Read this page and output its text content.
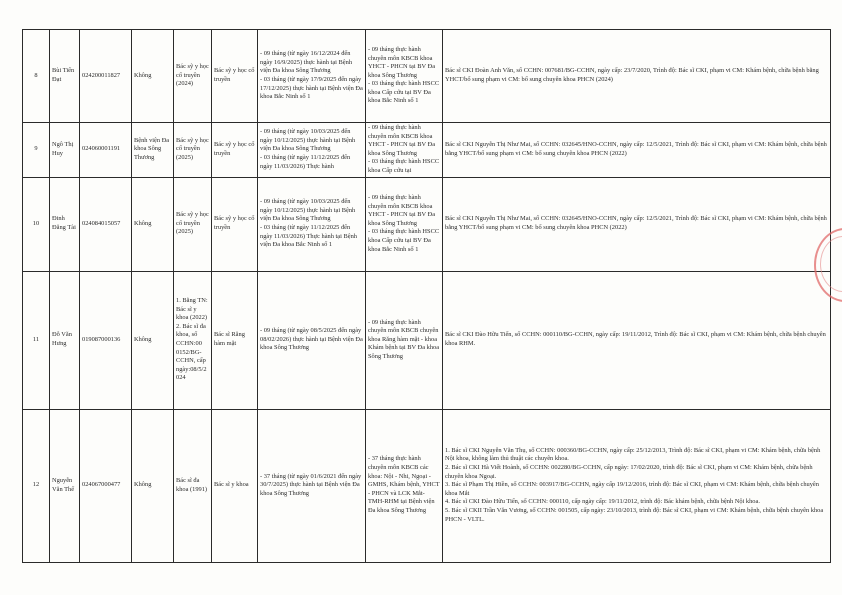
8	Bùi Tiến Đạt	024200011827	Không	Bác sỹ y học cổ truyền (2024)	Bác sỹ y học cổ truyền	- 09 tháng (từ ngày 16/12/2024 đến ngày 16/9/2025) thực hành tại Bệnh viện Đa khoa Sông Thương
- 03 tháng (từ ngày 17/9/2025 đến ngày 17/12/2025) thực hành tại Bệnh viện Đa khoa Bắc Ninh số 1	- 09 tháng thực hành chuyên môn KBCB khoa YHCT - PHCN tại BV Đa khoa Sông Thương
- 03 tháng thực hành HSCC khoa Cấp cứu tại BV Đa khoa Bắc Ninh số 1	Bác sĩ CKI Đoàn Anh Văn, số CCHN: 007681/BG-CCHN, ngày cấp: 23/7/2020, Trình độ: Bác sĩ CKI, phạm vi CM: Khám bệnh, chữa bệnh bằng YHCT/bổ sung phạm vi CM: bổ sung chuyên khoa PHCN (2024)

9	Ngô Thị Huy	024060001191	Bệnh viện Đa khoa Sông Thương	Bác sỹ y học cổ truyền (2025)	Bác sỹ y học cổ truyền	- 09 tháng (từ ngày 10/03/2025 đến ngày 10/12/2025) thực hành tại Bệnh viện Đa khoa Sông Thương
- 03 tháng (từ ngày 11/12/2025 đến ngày 11/03/2026) Thực hành	- 09 tháng thực hành chuyên môn KBCB khoa YHCT - PHCN tại BV Đa khoa Sông Thương
- 03 tháng thực hành HSCC khoa Cấp cứu tại	Bác sĩ CKI Nguyễn Thị Như Mai, số CCHN: 032645/HNO-CCHN, ngày cấp: 12/5/2021, Trình độ: Bác sĩ CKI, phạm vi CM: Khám bệnh, chữa bệnh bằng YHCT/bổ sung phạm vi CM: bổ sung chuyên khoa PHCN (2022)

10	Đinh Đăng Tài	024084015057	Không	Bác sỹ y học cổ truyền (2025)	Bác sỹ y học cổ truyền	- 09 tháng (từ ngày 10/03/2025 đến ngày 10/12/2025) thực hành tại Bệnh viện Đa khoa Sông Thương
- 03 tháng (từ ngày 11/12/2025 đến ngày 11/03/2026) Thực hành tại Bệnh viện Đa khoa Bắc Ninh số 1	- 09 tháng thực hành chuyên môn KBCB khoa YHCT - PHCN tại BV Đa khoa Sông Thương
- 03 tháng thực hành HSCC khoa Cấp cứu tại BV Đa khoa Bắc Ninh số 1	Bác sĩ CKI Nguyễn Thị Như Mai, số CCHN: 032645/HNO-CCHN, ngày cấp: 12/5/2021, Trình độ: Bác sĩ CKI, phạm vi CM: Khám bệnh, chữa bệnh bằng YHCT/bổ sung phạm vi CM: bổ sung chuyên khoa PHCN (2022)

11	Đỗ Văn Hưng	019087000136	Không	1. Bằng TN: Bác sĩ y khoa (2022)
2. Bác sĩ đa khoa, số CCHN:00 0152/BG-CCHN, cấp ngày:08/5/2024	Bác sĩ Răng hàm mặt	- 09 tháng (từ ngày 08/5/2025 đến ngày 08/02/2026) thực hành tại Bệnh viện Đa khoa Sông Thương	- 09 tháng thực hành chuyên môn KBCB chuyên khoa Răng hàm mặt - khoa Khám bệnh tại BV Đa khoa Sông Thương	Bác sĩ CKI Đào Hữu Tiến, số CCHN: 000110/BG-CCHN, ngày cấp: 19/11/2012, Trình độ: Bác sĩ CKI, phạm vi CM: Khám bệnh, chữa bệnh chuyên khoa RHM.

12	Nguyễn Văn Thế	024067000477	Không	Bác sĩ đa khoa (1991)	Bác sĩ y khoa	- 37 tháng (từ ngày 01/6/2021 đến ngày 30/7/2025) thực hành tại Bệnh viện Đa khoa Sông Thương	- 37 tháng thực hành chuyên môn KBCB các khoa: Nội - Nhi, Ngoại - GMHS, Khám bệnh, YHCT - PHCN và LCK Mắt-TMH-RHM tại Bệnh viện Đa khoa Sông Thương	1. Bác sĩ CKI Nguyễn Văn Thụ, số CCHN: 000360/BG-CCHN, ngày cấp: 25/12/2013, Trình độ: Bác sĩ CKI, phạm vi CM: Khám bệnh, chữa bệnh Nội khoa, không làm thủ thuật các chuyên khoa.
2. Bác sĩ CKI Hà Viết Hoành, số CCHN: 002280/BG-CCHN, cấp ngày: 17/02/2020, trình độ: Bác sĩ CKI, phạm vi CM: Khám bệnh, chữa bệnh chuyên khoa Ngoại.
3. Bác sĩ Phạm Thị Hiền, số CCHN: 003917/BG-CCHN, ngày cấp 19/12/2016, trình độ: Bác sĩ CKI, phạm vi CM: Khám bệnh, chữa bệnh chuyên khoa Mắt
4. Bác sĩ CKI Đào Hữu Tiến, số CCHN: 000110, cấp ngày cấp: 19/11/2012, trình độ: Bác khám bệnh, chữa bệnh Nội khoa.
5. Bác sĩ CKII Trần Văn Vương, số CCHN: 001505, cấp ngày: 23/10/2013, trình độ: Bác sĩ CKI, phạm vi CM: Khám bệnh, chữa bệnh chuyên khoa PHCN - VLTL.
